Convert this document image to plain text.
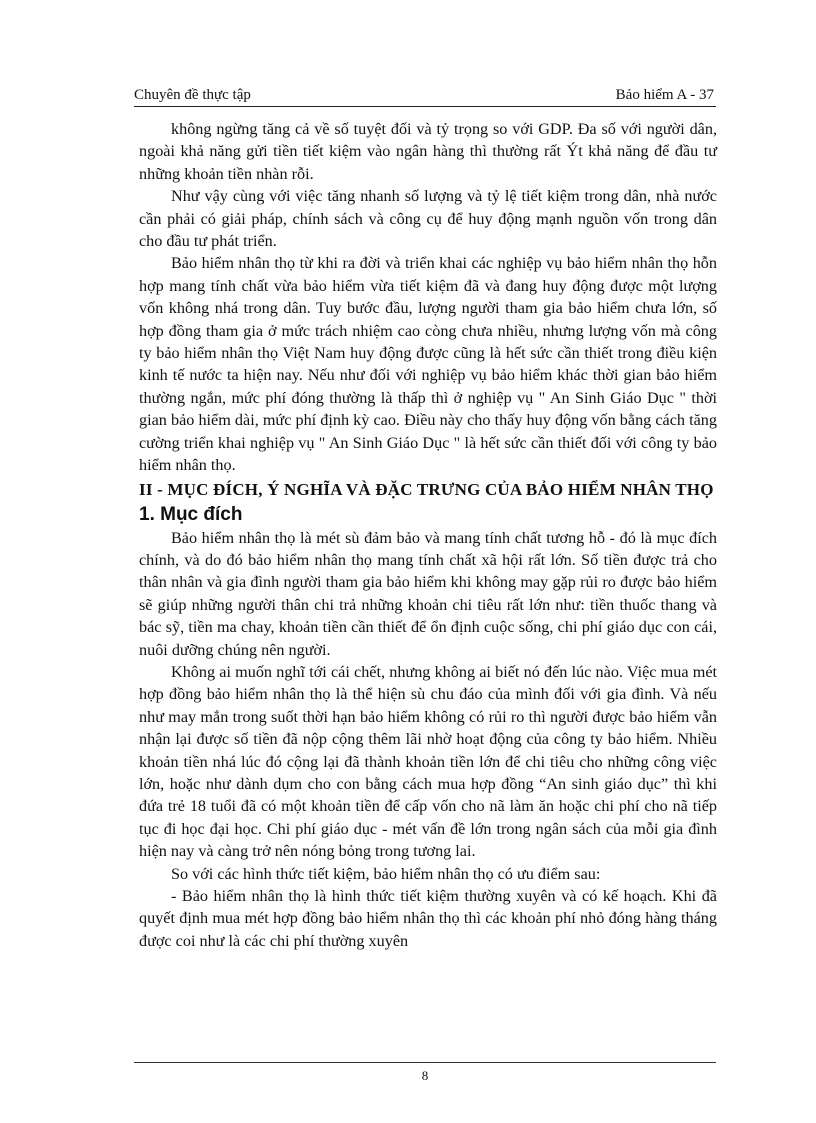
Chuyên đề thực tập	Bảo hiểm A - 37

không ngừng tăng cả về số tuyệt đối và tỷ trọng so với GDP. Đa số với người dân, ngoài khả năng gửi tiền tiết kiệm vào ngân hàng thì thường rất Ýt khả năng để đầu tư những khoản tiền nhàn rỗi.

Như vậy cùng với việc tăng nhanh số lượng và tỷ lệ tiết kiệm trong dân, nhà nước cần phải có giải pháp, chính sách và công cụ để huy động mạnh nguồn vốn trong dân cho đầu tư phát triển.

Bảo hiểm nhân thọ từ khi ra đời và triển khai các nghiệp vụ bảo hiểm nhân thọ hỗn hợp mang tính chất vừa bảo hiểm vừa tiết kiệm đã và đang huy động được một lượng vốn không nhá trong dân. Tuy bước đầu, lượng người tham gia bảo hiểm chưa lớn, số hợp đồng tham gia ở mức trách nhiệm cao còng chưa nhiều, nhưng lượng vốn mà công ty bảo hiểm nhân thọ Việt Nam huy động được cũng là hết sức cần thiết trong điều kiện kinh tế nước ta hiện nay. Nếu như đối với nghiệp vụ bảo hiểm khác thời gian bảo hiểm thường ngắn, mức phí đóng thường là thấp thì ở nghiệp vụ " An Sinh Giáo Dục " thời gian bảo hiểm dài, mức phí định kỳ cao. Điều này cho thấy huy động vốn bằng cách tăng cường triển khai nghiệp vụ " An Sinh Giáo Dục " là hết sức cần thiết đối với công ty bảo hiểm nhân thọ.

II - MỤC ĐÍCH, Ý NGHĨA VÀ ĐẶC TRƯNG CỦA BẢO HIỂM NHÂN THỌ
1. Mục đích

Bảo hiểm nhân thọ là mét sù đảm bảo và mang tính chất tương hỗ - đó là mục đích chính, và do đó bảo hiểm nhân thọ mang tính chất xã hội rất lớn. Số tiền được trả cho thân nhân và gia đình người tham gia bảo hiểm khi không may gặp rủi ro được bảo hiểm sẽ giúp những người thân chi trả những khoản chi tiêu rất lớn như: tiền thuốc thang và bác sỹ, tiền ma chay, khoản tiền cần thiết để ổn định cuộc sống, chi phí giáo dục con cái, nuôi dưỡng chúng nên người.

Không ai muốn nghĩ tới cái chết, nhưng không ai biết nó đến lúc nào. Việc mua mét hợp đồng bảo hiểm nhân thọ là thể hiện sù chu đáo của mình đối với gia đình. Và nếu như may mắn trong suốt thời hạn bảo hiểm không có rủi ro thì người được bảo hiểm vẫn nhận lại được số tiền đã nộp cộng thêm lãi nhờ hoạt động của công ty bảo hiểm. Nhiều khoản tiền nhá lúc đó cộng lại đã thành khoản tiền lớn để chi tiêu cho những công việc lớn, hoặc như dành dụm cho con bằng cách mua hợp đồng “An sinh giáo dục” thì khi đứa trẻ 18 tuổi đã có một khoản tiền để cấp vốn cho nã làm ăn hoặc chi phí cho nã tiếp tục đi học đại học. Chi phí giáo dục - mét vấn đề lớn trong ngân sách của mỗi gia đình hiện nay và càng trở nên nóng bỏng trong tương lai.

So với các hình thức tiết kiệm, bảo hiểm nhân thọ có ưu điểm sau:

- Bảo hiểm nhân thọ là hình thức tiết kiệm thường xuyên và có kế hoạch. Khi đã quyết định mua mét hợp đồng bảo hiểm nhân thọ thì các khoản phí nhỏ đóng hàng tháng được coi như là các chi phí thường xuyên

8
